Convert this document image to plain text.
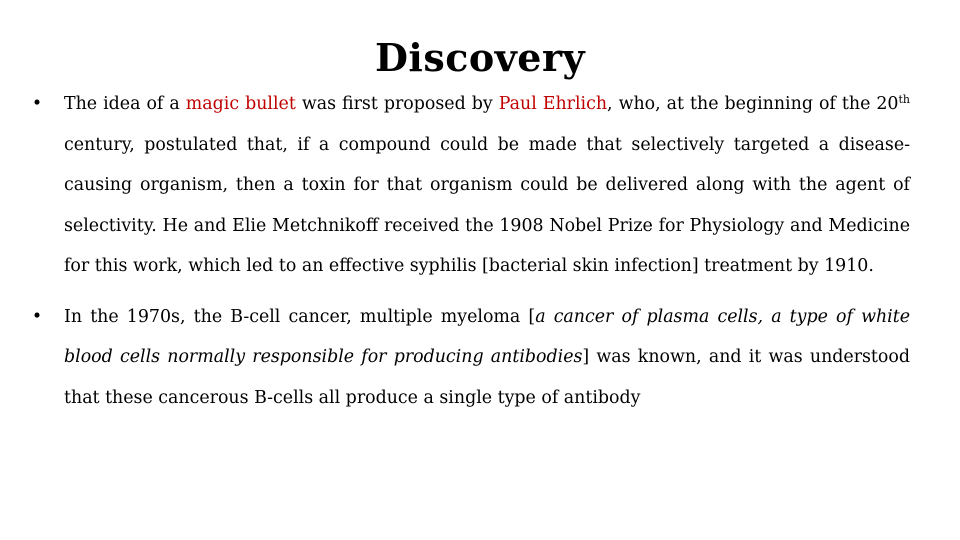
Discovery
• The idea of a magic bullet was first proposed by Paul Ehrlich, who, at the beginning of the 20th century, postulated that, if a compound could be made that selectively targeted a disease-causing organism, then a toxin for that organism could be delivered along with the agent of selectivity. He and Elie Metchnikoff received the 1908 Nobel Prize for Physiology and Medicine for this work, which led to an effective syphilis [bacterial skin infection] treatment by 1910.
• In the 1970s, the B-cell cancer, multiple myeloma [a cancer of plasma cells, a type of white blood cells normally responsible for producing antibodies] was known, and it was understood that these cancerous B-cells all produce a single type of antibody
